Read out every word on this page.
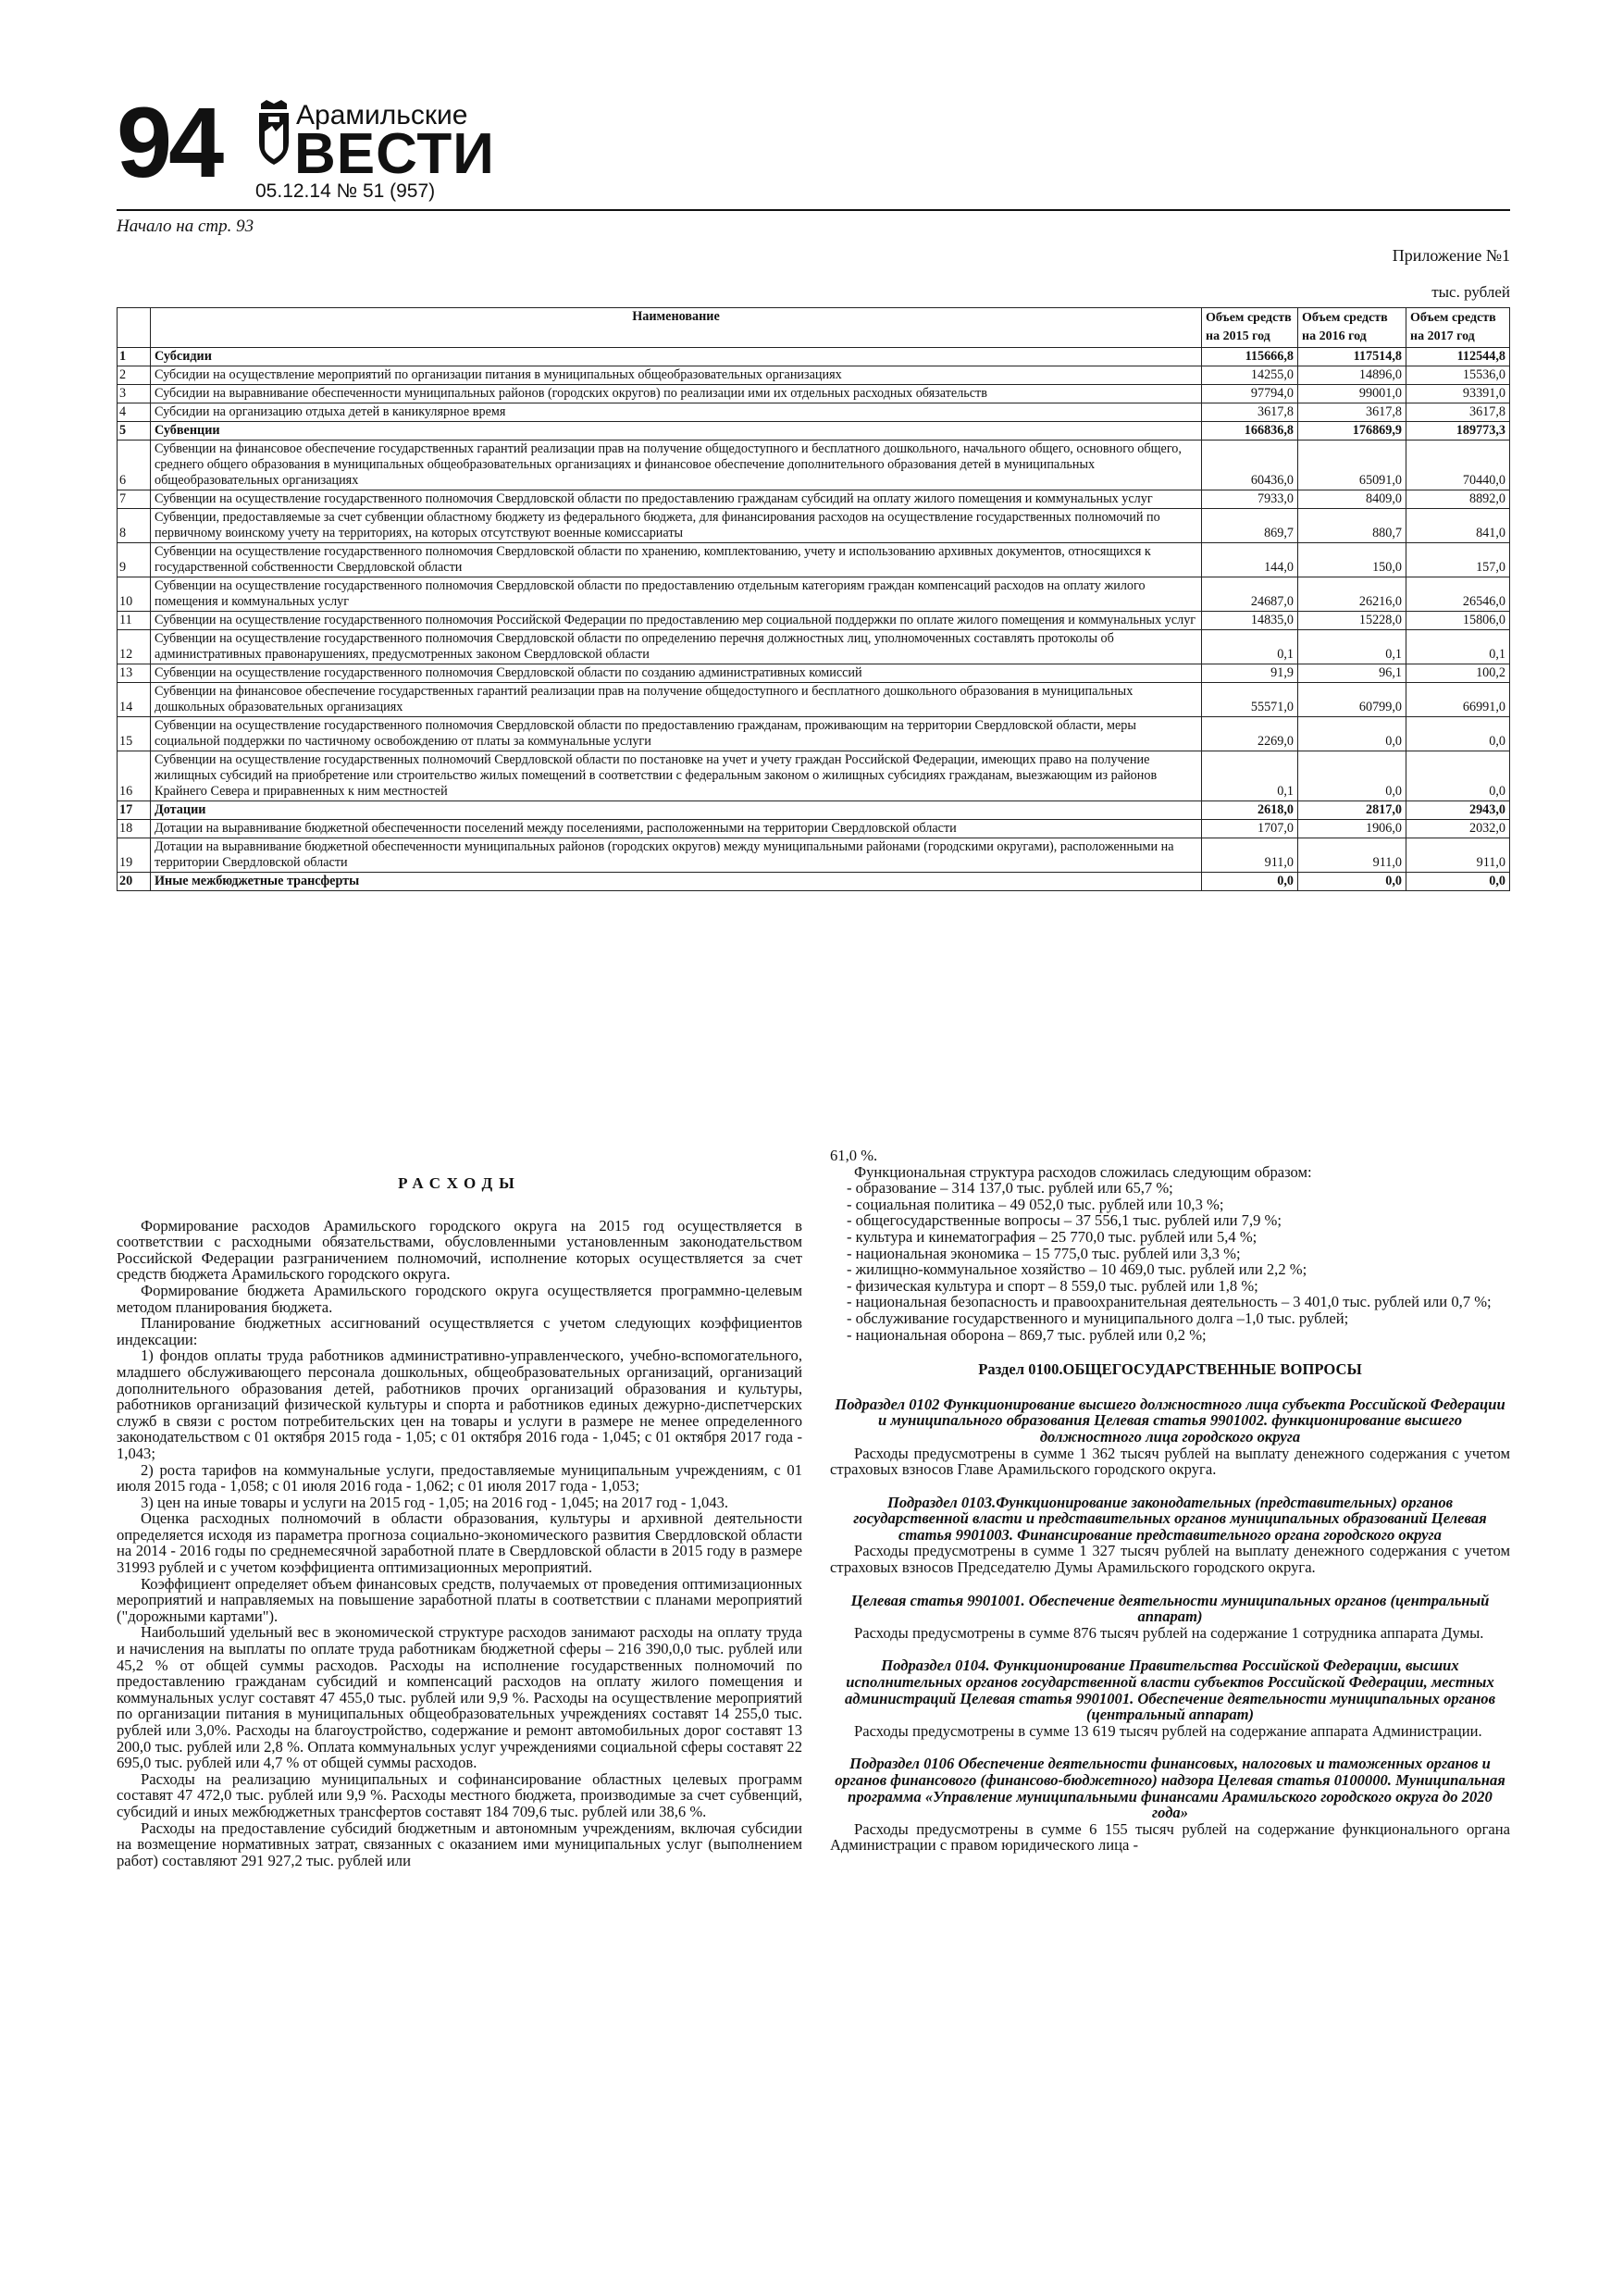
94	Арамильские
ВЕСТИ
05.12.14 № 51 (957)
Начало на стр. 93
Приложение №1
тыс. рублей
	Наименование	Объем средств на 2015 год	Объем средств на 2016 год	Объем средств на 2017 год
1	Субсидии	115666,8	117514,8	112544,8
2	Субсидии на осуществление мероприятий по организации питания в муниципальных общеобразовательных организациях	14255,0	14896,0	15536,0
3	Субсидии на выравнивание обеспеченности муниципальных районов (городских округов) по реализации ими их отдельных расходных обязательств	97794,0	99001,0	93391,0
4	Субсидии на организацию отдыха детей в каникулярное время	3617,8	3617,8	3617,8
5	Субвенции	166836,8	176869,9	189773,3
6	Субвенции на финансовое обеспечение государственных гарантий реализации прав на получение общедоступного и бесплатного дошкольного, начального общего, основного общего, среднего общего образования в муниципальных общеобразовательных организациях и финансовое обеспечение дополнительного образования детей в муниципальных общеобразовательных организациях	60436,0	65091,0	70440,0
7	Субвенции на осуществление государственного полномочия Свердловской области по предоставлению гражданам субсидий на оплату жилого помещения и коммунальных услуг	7933,0	8409,0	8892,0
8	Субвенции, предоставляемые за счет субвенции областному бюджету из федерального бюджета, для финансирования расходов на осуществление государственных полномочий по первичному воинскому учету на территориях, на которых отсутствуют военные комиссариаты	869,7	880,7	841,0
9	Субвенции на осуществление государственного полномочия Свердловской области по хранению, комплектованию, учету и использованию архивных документов, относящихся к государственной собственности Свердловской области	144,0	150,0	157,0
10	Субвенции на осуществление государственного полномочия Свердловской области по предоставлению отдельным категориям граждан компенсаций расходов на оплату жилого помещения и коммунальных услуг	24687,0	26216,0	26546,0
11	Субвенции на осуществление государственного полномочия Российской Федерации по предоставлению мер социальной поддержки по оплате жилого помещения и коммунальных услуг	14835,0	15228,0	15806,0
12	Субвенции на осуществление государственного полномочия Свердловской области по определению перечня должностных лиц, уполномоченных составлять протоколы об административных правонарушениях, предусмотренных законом Свердловской области	0,1	0,1	0,1
13	Субвенции на осуществление государственного полномочия Свердловской области по созданию административных комиссий	91,9	96,1	100,2
14	Субвенции на финансовое обеспечение государственных гарантий реализации прав на получение общедоступного и бесплатного дошкольного образования в муниципальных дошкольных образовательных организациях	55571,0	60799,0	66991,0
15	Субвенции на осуществление государственного полномочия Свердловской области по предоставлению гражданам, проживающим на территории Свердловской области, меры социальной поддержки по частичному освобождению от платы за коммунальные услуги	2269,0	0,0	0,0
16	Субвенции на осуществление государственных полномочий Свердловской области по постановке на учет и учету граждан Российской Федерации, имеющих право на получение жилищных субсидий на приобретение или строительство жилых помещений в соответствии с федеральным законом о жилищных субсидиях гражданам, выезжающим из районов Крайнего Севера и приравненных к ним местностей	0,1	0,0	0,0
17	Дотации	2618,0	2817,0	2943,0
18	Дотации на выравнивание бюджетной обеспеченности поселений между поселениями, расположенными на территории Свердловской области	1707,0	1906,0	2032,0
19	Дотации на выравнивание бюджетной обеспеченности муниципальных районов (городских округов) между муниципальными районами (городскими округами), расположенными на территории Свердловской области	911,0	911,0	911,0
20	Иные межбюджетные трансферты	0,0	0,0	0,0

РАСХОДЫ

Формирование расходов Арамильского городского округа на 2015 год осуществляется в соответствии с расходными обязательствами, обусловленными установленным законодательством Российской Федерации разграничением полномочий, исполнение которых осуществляется за счет средств бюджета Арамильского городского округа.

Формирование бюджета Арамильского городского округа осуществляется программно-целевым методом планирования бюджета.

Планирование бюджетных ассигнований осуществляется с учетом следующих коэффициентов индексации:

1) фондов оплаты труда работников административно-управленческого, учебно-вспомогательного, младшего обслуживающего персонала дошкольных, общеобразовательных организаций, организаций дополнительного образования детей, работников прочих организаций образования и культуры, работников организаций физической культуры и спорта и работников единых дежурно-диспетчерских служб в связи с ростом потребительских цен на товары и услуги в размере не менее определенного законодательством с 01 октября 2015 года - 1,05; с 01 октября 2016 года - 1,045; с 01 октября 2017 года - 1,043;

2) роста тарифов на коммунальные услуги, предоставляемые муниципальным учреждениям, с 01 июля 2015 года - 1,058; с 01 июля 2016 года - 1,062; с 01 июля 2017 года - 1,053;

3) цен на иные товары и услуги на 2015 год - 1,05; на 2016 год - 1,045; на 2017 год - 1,043.

Оценка расходных полномочий в области образования, культуры и архивной деятельности определяется исходя из параметра прогноза социально-экономического развития Свердловской области на 2014 - 2016 годы по среднемесячной заработной плате в Свердловской области в 2015 году в размере 31993 рублей и с учетом коэффициента оптимизационных мероприятий.

Коэффициент определяет объем финансовых средств, получаемых от проведения оптимизационных мероприятий и направляемых на повышение заработной платы в соответствии с планами мероприятий ("дорожными картами").

Наибольший удельный вес в экономической структуре расходов занимают расходы на оплату труда и начисления на выплаты по оплате труда работникам бюджетной сферы – 216 390,0,0 тыс. рублей или 45,2 % от общей суммы расходов. Расходы на исполнение государственных полномочий по предоставлению гражданам субсидий и компенсаций расходов на оплату жилого помещения и коммунальных услуг составят 47 455,0 тыс. рублей или 9,9 %. Расходы на осуществление мероприятий по организации питания в муниципальных общеобразовательных учреждениях составят 14 255,0 тыс. рублей или 3,0%. Расходы на благоустройство, содержание и ремонт автомобильных дорог составят 13 200,0 тыс. рублей или 2,8 %. Оплата коммунальных услуг учреждениями социальной сферы составят 22 695,0 тыс. рублей или 4,7 % от общей суммы расходов.

Расходы на реализацию муниципальных и софинансирование областных целевых программ составят 47 472,0 тыс. рублей или 9,9 %. Расходы местного бюджета, производимые за счет субвенций, субсидий и иных межбюджетных трансфертов составят 184 709,6 тыс. рублей или 38,6 %.

Расходы на предоставление субсидий бюджетным и автономным учреждениям, включая субсидии на возмещение нормативных затрат, связанных с оказанием ими муниципальных услуг (выполнением работ) составляют 291 927,2 тыс. рублей или

61,0 %.

Функциональная структура расходов сложилась следующим образом:

- образование – 314 137,0 тыс. рублей или 65,7 %;

- социальная политика – 49 052,0 тыс. рублей или 10,3 %;

- общегосударственные вопросы – 37 556,1 тыс. рублей или 7,9 %;

- культура и кинематография – 25 770,0 тыс. рублей или 5,4 %;

- национальная экономика – 15 775,0 тыс. рублей или 3,3 %;

- жилищно-коммунальное хозяйство – 10 469,0 тыс. рублей или 2,2 %;

- физическая культура и спорт – 8 559,0 тыс. рублей или 1,8 %;

- национальная безопасность и правоохранительная деятельность – 3 401,0 тыс. рублей или 0,7 %;

- обслуживание государственного и муниципального долга –1,0 тыс. рублей;

- национальная оборона – 869,7 тыс. рублей или 0,2 %;

Раздел 0100.ОБЩЕГОСУДАРСТВЕННЫЕ ВОПРОСЫ

Подраздел 0102 Функционирование высшего должностного лица субъекта Российской Федерации и муниципального образования Целевая статья 9901002. функционирование высшего должностного лица городского округа

Расходы предусмотрены в сумме 1 362 тысяч рублей на выплату денежного содержания с учетом страховых взносов Главе Арамильского городского округа.

Подраздел 0103.Функционирование законодательных (представительных) органов государственной власти и представительных органов муниципальных образований Целевая статья 9901003. Финансирование представительного органа городского округа

Расходы предусмотрены в сумме 1 327 тысяч рублей на выплату денежного содержания с учетом страховых взносов Председателю Думы Арамильского городского округа.

Целевая статья 9901001. Обеспечение деятельности муниципальных органов (центральный аппарат)

Расходы предусмотрены в сумме 876 тысяч рублей на содержание 1 сотрудника аппарата Думы.

Подраздел 0104. Функционирование Правительства Российской Федерации, высших исполнительных органов государственной власти субъектов Российской Федерации, местных администраций Целевая статья 9901001. Обеспечение деятельности муниципальных органов (центральный аппарат)

Расходы предусмотрены в сумме 13 619 тысяч рублей на содержание аппарата Администрации.

Подраздел 0106 Обеспечение деятельности финансовых, налоговых и таможенных органов и органов финансового (финансово-бюджетного) надзора Целевая статья 0100000. Муниципальная программа «Управление муниципальными финансами Арамильского городского округа до 2020 года»

Расходы предусмотрены в сумме 6 155 тысяч рублей на содержание функционального органа Администрации с правом юридического лица -
